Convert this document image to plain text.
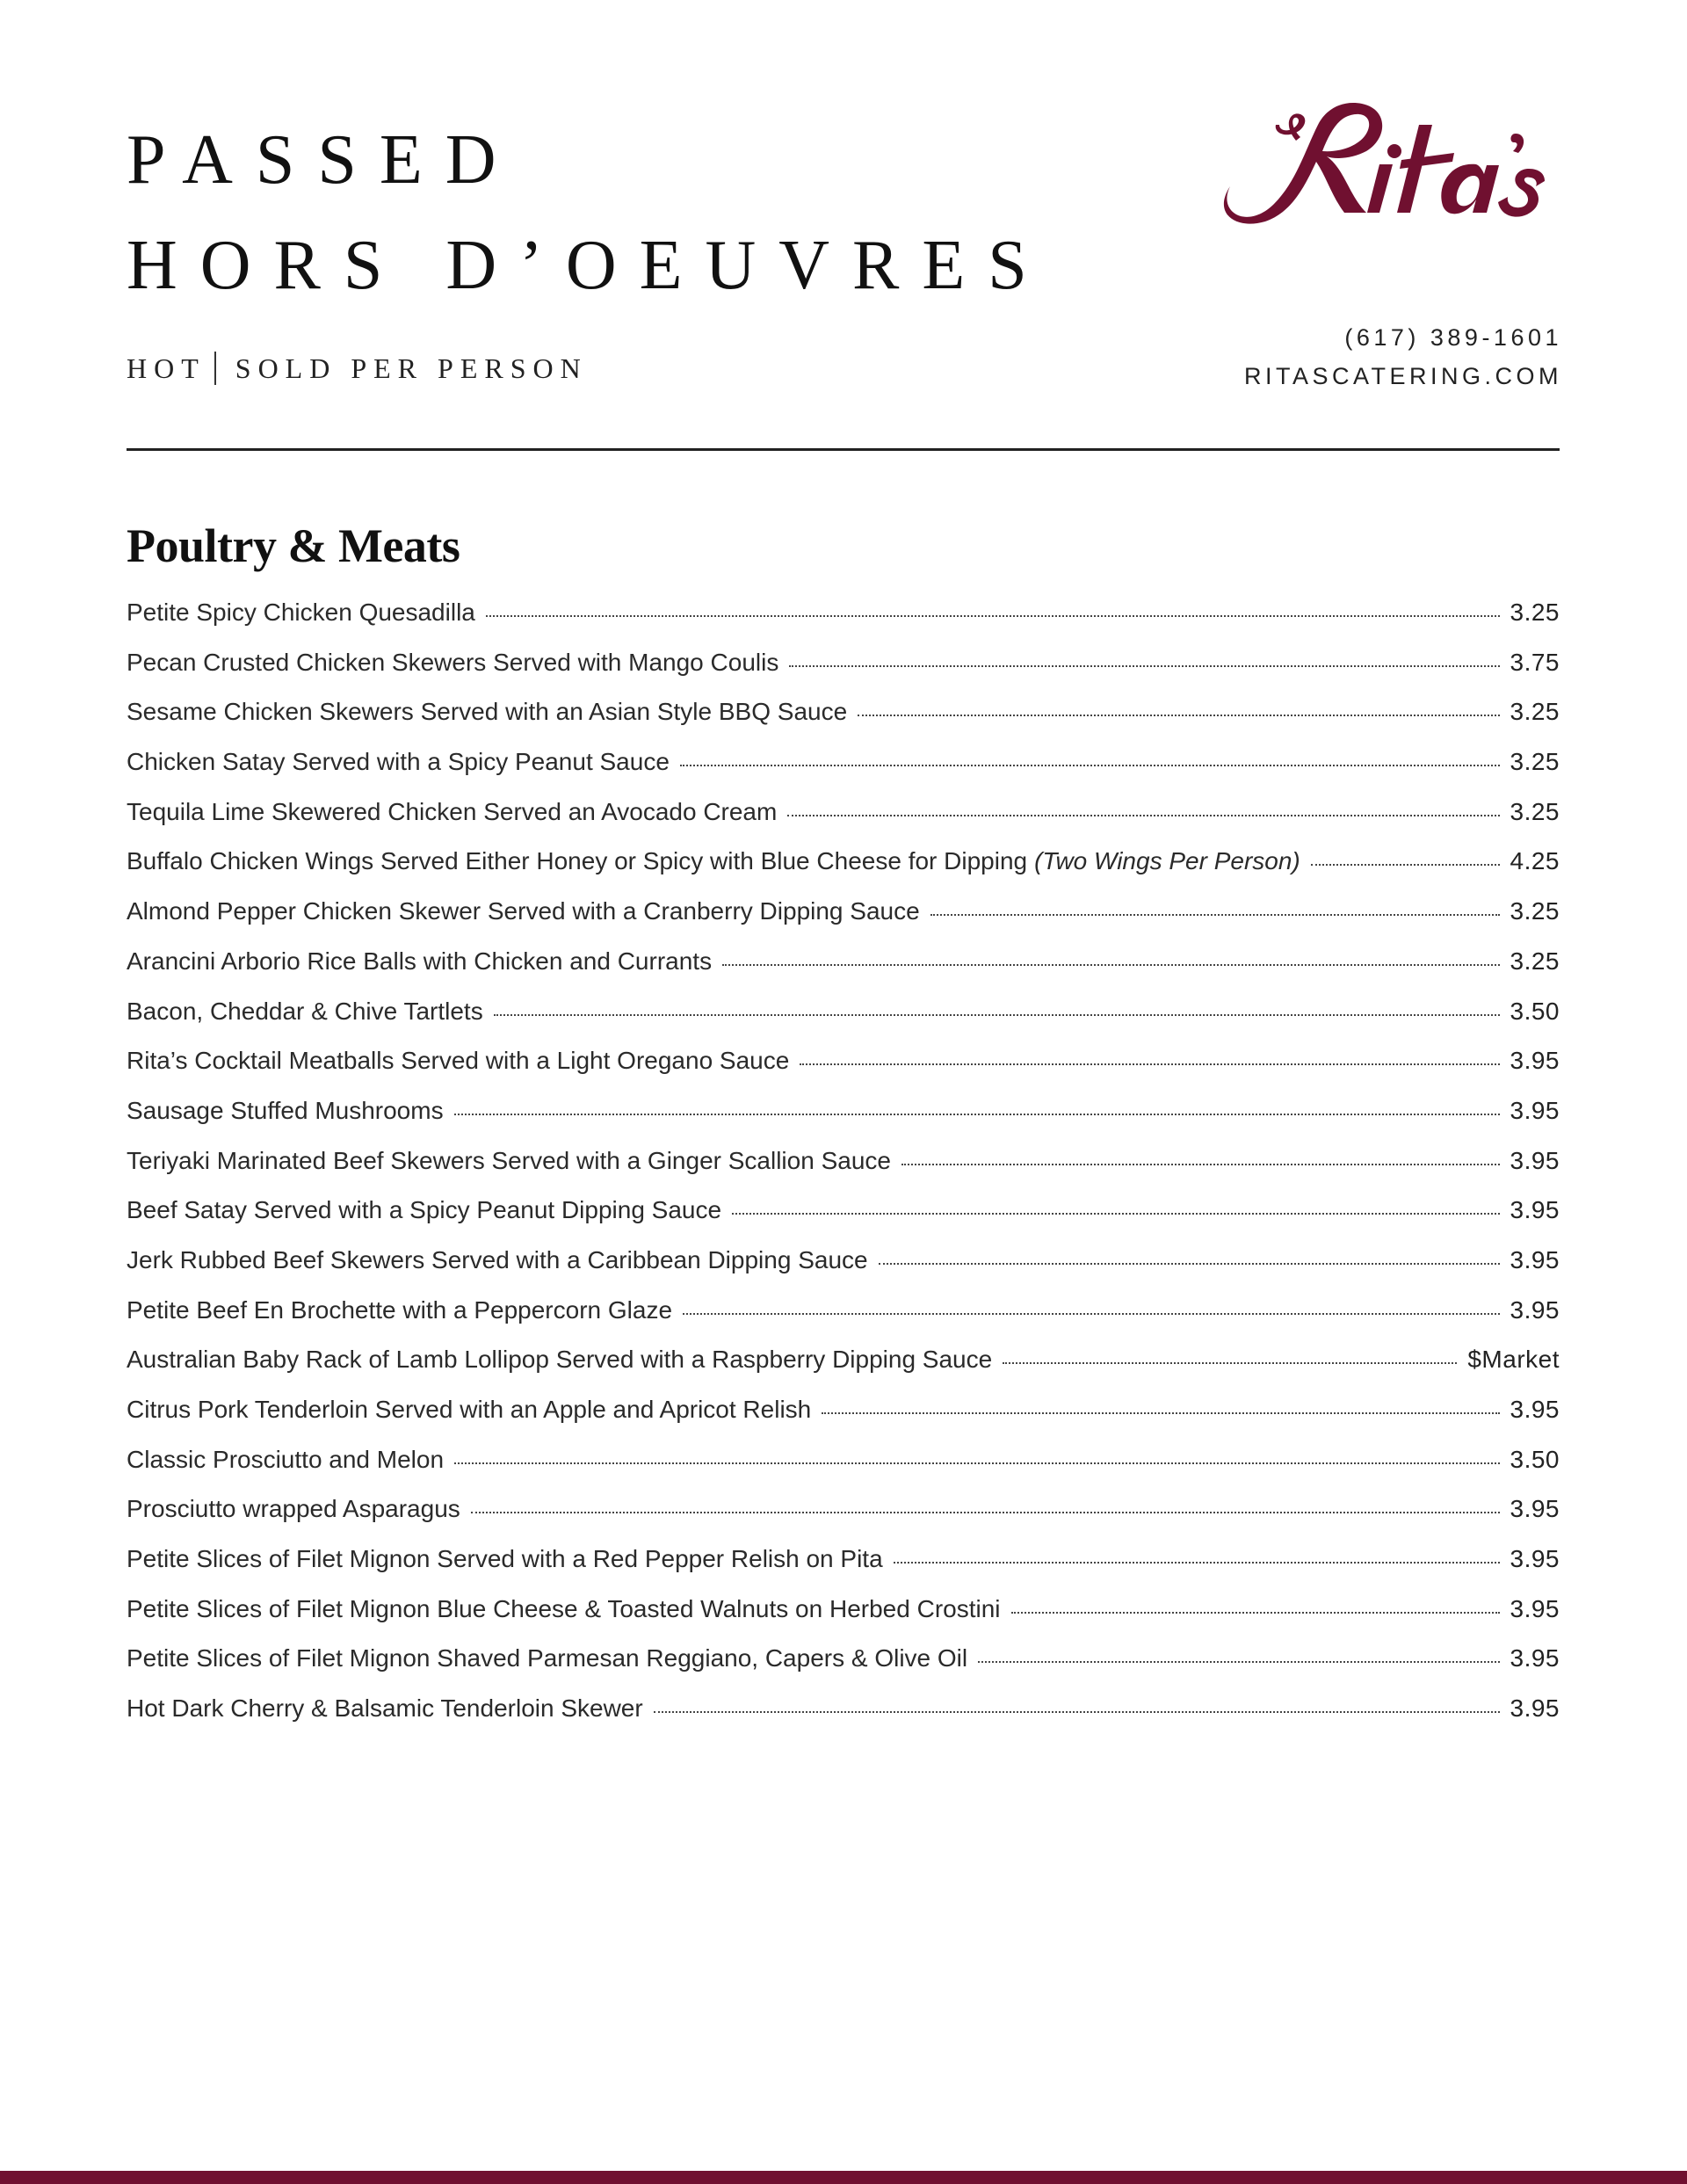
PASSED
HORS D’OEUVRES
HOT SOLD PER PERSON
(617) 389-1601
RITASCATERING.COM
Poultry & Meats
Petite Spicy Chicken Quesadilla	3.25
Pecan Crusted Chicken Skewers Served with Mango Coulis	3.75
Sesame Chicken Skewers Served with an Asian Style BBQ Sauce	3.25
Chicken Satay Served with a Spicy Peanut Sauce	3.25
Tequila Lime Skewered Chicken Served an Avocado Cream	3.25
Buffalo Chicken Wings Served Either Honey or Spicy with Blue Cheese for Dipping (Two Wings Per Person)	4.25
Almond Pepper Chicken Skewer Served with a Cranberry Dipping Sauce	3.25
Arancini Arborio Rice Balls with Chicken and Currants	3.25
Bacon, Cheddar & Chive Tartlets	3.50
Rita’s Cocktail Meatballs Served with a Light Oregano Sauce	3.95
Sausage Stuffed Mushrooms	3.95
Teriyaki Marinated Beef Skewers Served with a Ginger Scallion Sauce	3.95
Beef Satay Served with a Spicy Peanut Dipping Sauce	3.95
Jerk Rubbed Beef Skewers Served with a Caribbean Dipping Sauce	3.95
Petite Beef En Brochette with a Peppercorn Glaze	3.95
Australian Baby Rack of Lamb Lollipop Served with a Raspberry Dipping Sauce	$Market
Citrus Pork Tenderloin Served with an Apple and Apricot Relish	3.95
Classic Prosciutto and Melon	3.50
Prosciutto wrapped Asparagus	3.95
Petite Slices of Filet Mignon Served with a Red Pepper Relish on Pita	3.95
Petite Slices of Filet Mignon Blue Cheese & Toasted Walnuts on Herbed Crostini	3.95
Petite Slices of Filet Mignon Shaved Parmesan Reggiano, Capers & Olive Oil	3.95
Hot Dark Cherry & Balsamic Tenderloin Skewer	3.95
